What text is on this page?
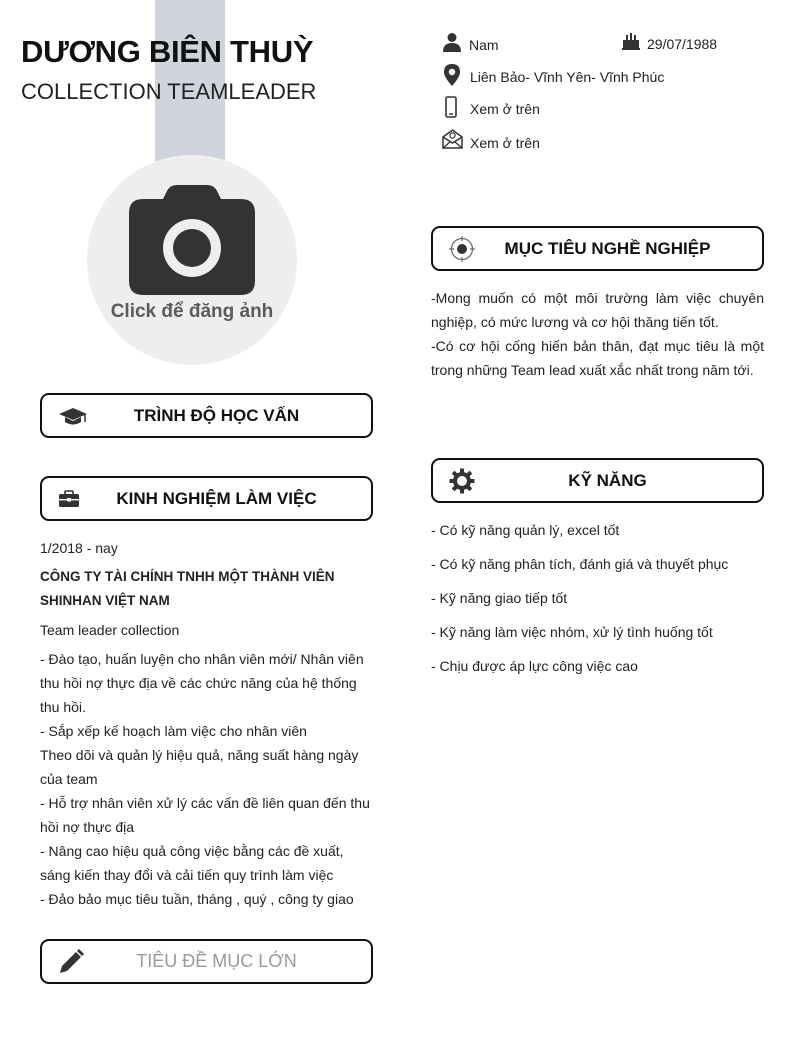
DƯƠNG BIÊN THUỲ
COLLECTION TEAMLEADER
Click để đăng ảnh
Nam	29/07/1988
Liên Bảo- Vĩnh Yên- Vĩnh Phúc
Xem ở trên
Xem ở trên
TRÌNH ĐỘ HỌC VẤN
KINH NGHIỆM LÀM VIỆC
1/2018 - nay
CÔNG TY TÀI CHÍNH TNHH MỘT THÀNH VIÊN SHINHAN VIỆT NAM
Team leader collection
- Đào tạo, huấn luyện cho nhân viên mới/ Nhân viên thu hồi nợ thực địa về các chức năng của hệ thống thu hồi.
- Sắp xếp kế hoạch làm việc cho nhân viên
Theo dõi và quản lý hiệu quả, năng suất hàng ngày của team
- Hỗ trợ nhân viên xử lý các vấn đề liên quan đến thu hồi nợ thực địa
- Nâng cao hiệu quả công việc bằng các đề xuất, sáng kiến thay đổi và cải tiến quy trình làm việc
- Đảo bảo mục tiêu tuần, tháng , quý , công ty giao
TIÊU ĐỀ MỤC LỚN
MỤC TIÊU NGHỀ NGHIỆP
-Mong muốn có một môi trường làm việc chuyên nghiệp, có mức lương và cơ hội thăng tiến tốt.
-Có cơ hội cống hiến bản thân, đạt mục tiêu là một trong những Team lead xuất xắc nhất trong năm tới.
KỸ NĂNG
- Có kỹ năng quản lý, excel tốt
- Có kỹ năng phân tích, đánh giá và thuyết phục
- Kỹ năng giao tiếp tốt
- Kỹ năng làm việc nhóm, xử lý tình huống tốt
- Chịu được áp lực công việc cao
